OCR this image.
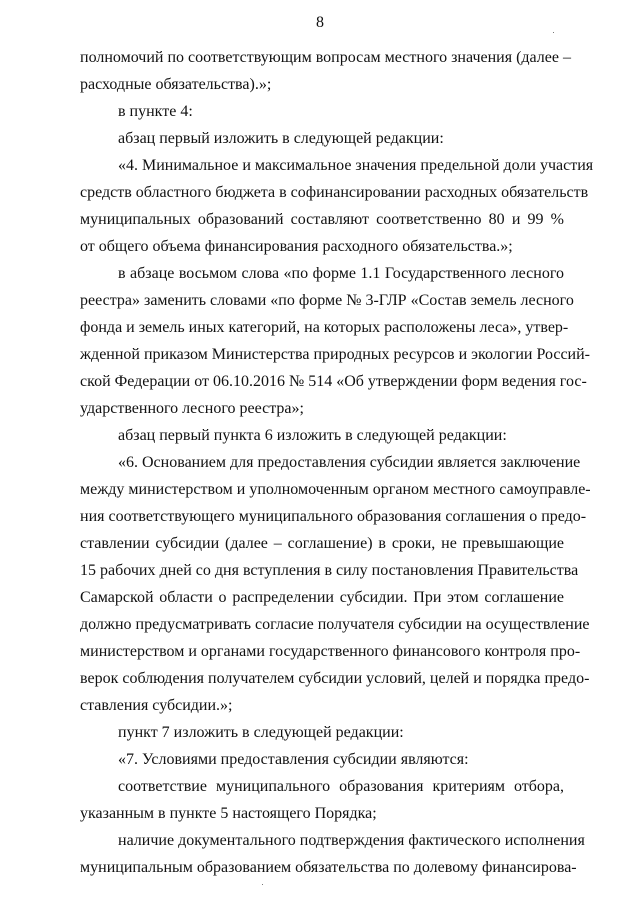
8
полномочий по соответствующим вопросам местного значения (далее –
расходные обязательства).»;
в пункте 4:
абзац первый изложить в следующей редакции:
«4. Минимальное и максимальное значения предельной доли участия
средств областного бюджета в софинансировании расходных обязательств
муниципальных образований составляют соответственно 80 и 99 %
от общего объема финансирования расходного обязательства.»;
в абзаце восьмом слова «по форме 1.1 Государственного лесного
реестра» заменить словами «по форме № 3-ГЛР «Состав земель лесного
фонда и земель иных категорий, на которых расположены леса», утвер-
жденной приказом Министерства природных ресурсов и экологии Россий-
ской Федерации от 06.10.2016 № 514 «Об утверждении форм ведения гос-
ударственного лесного реестра»;
абзац первый пункта 6 изложить в следующей редакции:
«6. Основанием для предоставления субсидии является заключение
между министерством и уполномоченным органом местного самоуправле-
ния соответствующего муниципального образования соглашения о предо-
ставлении субсидии (далее – соглашение) в сроки, не превышающие
15 рабочих дней со дня вступления в силу постановления Правительства
Самарской области о распределении субсидии. При этом соглашение
должно предусматривать согласие получателя субсидии на осуществление
министерством и органами государственного финансового контроля про-
верок соблюдения получателем субсидии условий, целей и порядка предо-
ставления субсидии.»;
пункт 7 изложить в следующей редакции:
«7. Условиями предоставления субсидии являются:
соответствие муниципального образования критериям отбора,
указанным в пункте 5 настоящего Порядка;
наличие документального подтверждения фактического исполнения
муниципальным образованием обязательства по долевому финансирова-
